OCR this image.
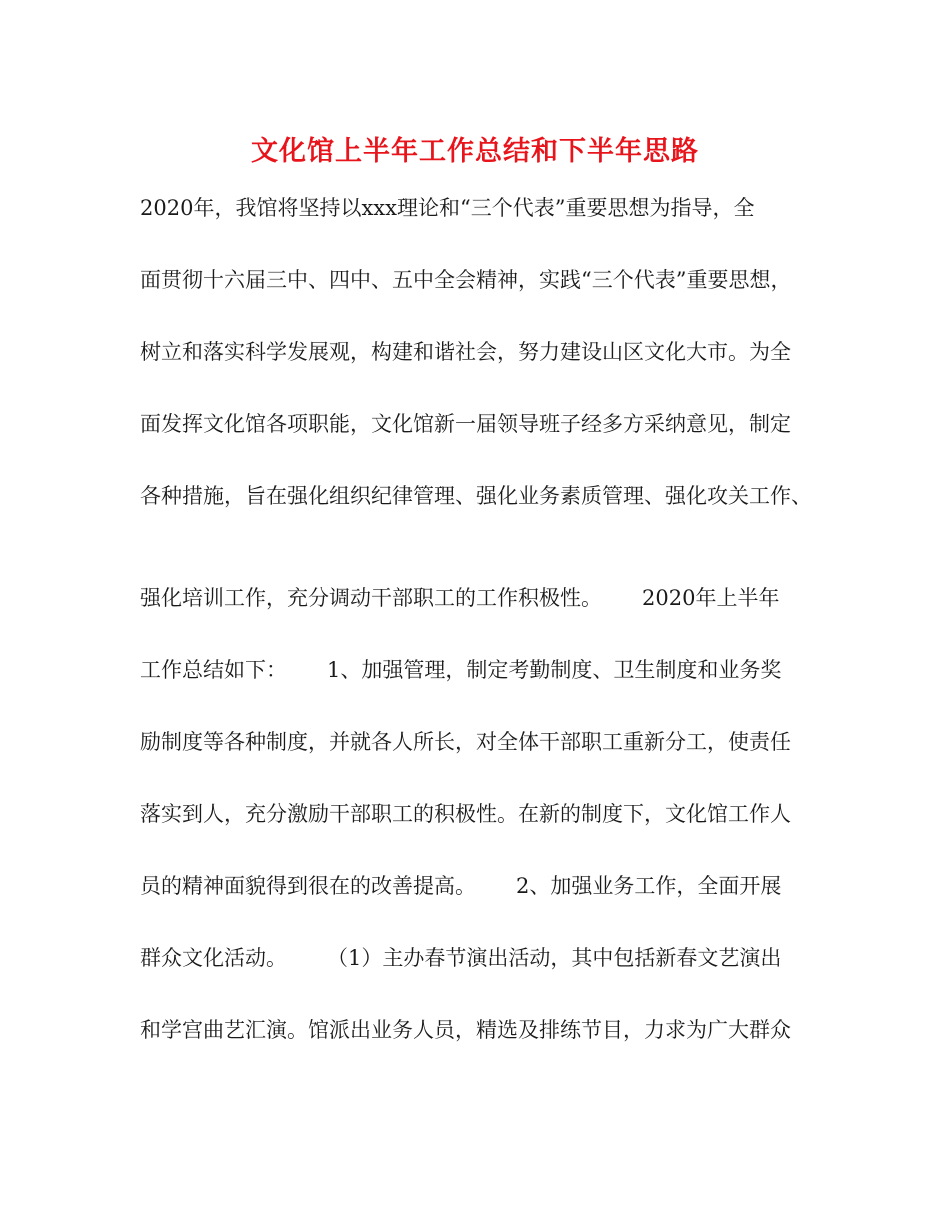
文化馆上半年工作总结和下半年思路
2020年，我馆将坚持以xxx理论和“三个代表”重要思想为指导，全
面贯彻十六届三中、四中、五中全会精神，实践“三个代表”重要思想，
树立和落实科学发展观，构建和谐社会，努力建设山区文化大市。为全
面发挥文化馆各项职能，文化馆新一届领导班子经多方采纳意见，制定
各种措施，旨在强化组织纪律管理、强化业务素质管理、强化攻关工作、
强化培训工作，充分调动干部职工的工作积极性。      2020年上半年
工作总结如下：      1、加强管理，制定考勤制度、卫生制度和业务奖
励制度等各种制度，并就各人所长，对全体干部职工重新分工，使责任
落实到人，充分激励干部职工的积极性。在新的制度下，文化馆工作人
员的精神面貌得到很在的改善提高。      2、加强业务工作，全面开展
群众文化活动。      （1）主办春节演出活动，其中包括新春文艺演出
和学宫曲艺汇演。馆派出业务人员，精选及排练节目，力求为广大群众
